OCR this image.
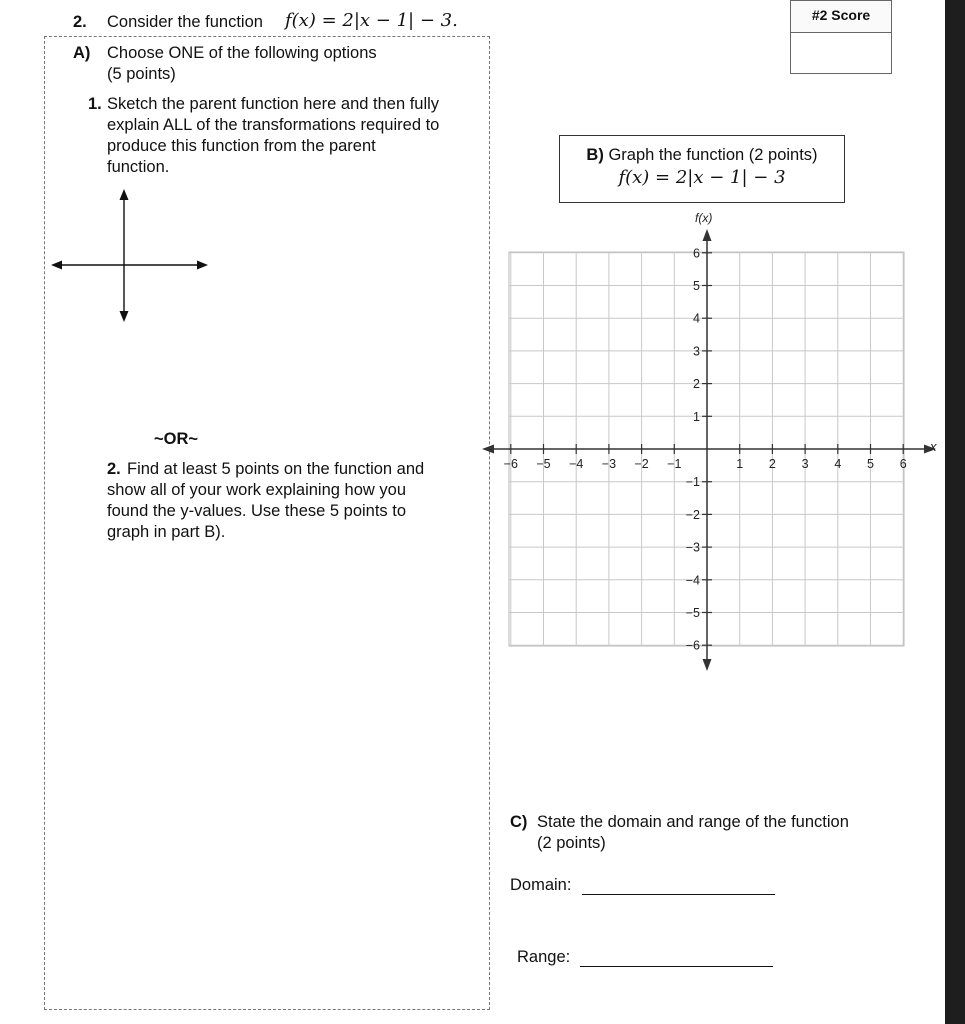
2. Consider the function f(x) = 2|x − 1| − 3.	#2 Score
A) Choose ONE of the following options
(5 points)
1. Sketch the parent function here and then fully
explain ALL of the transformations required to
produce this function from the parent
function.
~OR~
2. Find at least 5 points on the function and
show all of your work explaining how you
found the y-values. Use these 5 points to
graph in part B).
B) Graph the function (2 points)
f(x) = 2|x − 1| − 3
x
f(x)
−6 −5 −4 −3 −2 −1	1 2 3 4 5 6
6
5
4
3
2
1
−1
−2
−3
−4
−5
−6
C) State the domain and range of the function
(2 points)
Domain:
Range:
